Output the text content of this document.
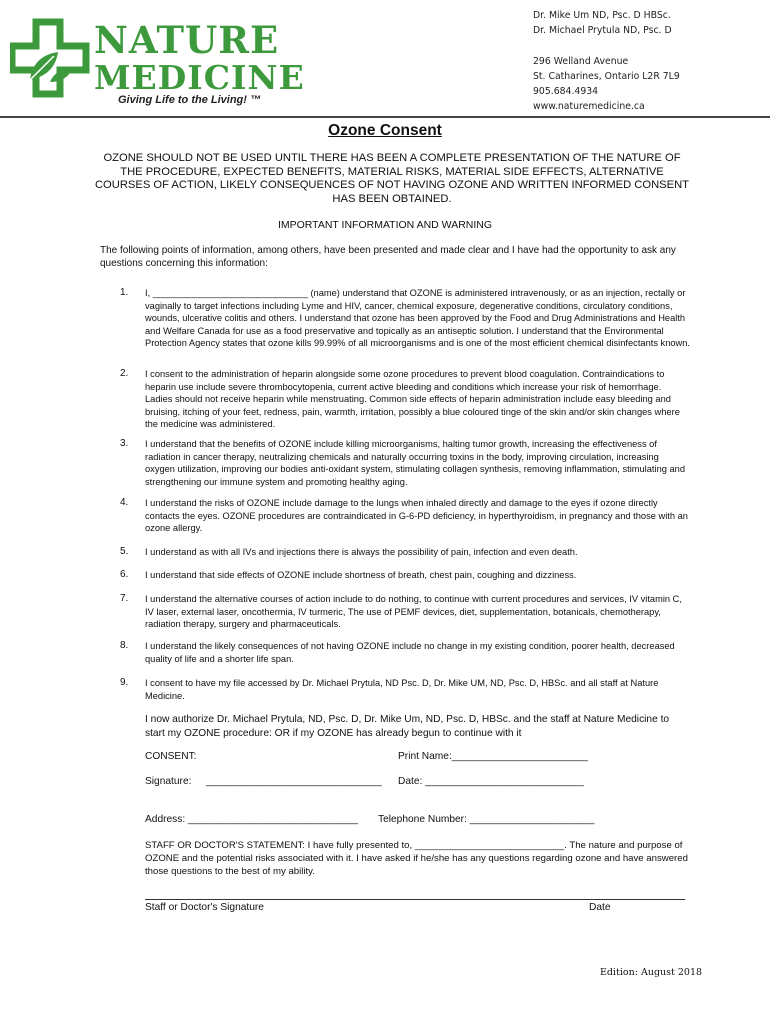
NATURE
MEDICINE
Giving Life to the Living! ™
Dr. Mike Um ND, Psc. D HBSc.
Dr. Michael Prytula ND, Psc. D
296 Welland Avenue
St. Catharines, Ontario L2R 7L9
905.684.4934
www.naturemedicine.ca
Ozone Consent
OZONE SHOULD NOT BE USED UNTIL THERE HAS BEEN A COMPLETE PRESENTATION OF THE NATURE OF THE PROCEDURE, EXPECTED BENEFITS, MATERIAL RISKS, MATERIAL SIDE EFFECTS, ALTERNATIVE COURSES OF ACTION, LIKELY CONSEQUENCES OF NOT HAVING OZONE AND WRITTEN INFORMED CONSENT HAS BEEN OBTAINED.
IMPORTANT INFORMATION AND WARNING
The following points of information, among others, have been presented and made clear and I have had the opportunity to ask any questions concerning this information:
1. I, ______________________________ (name) understand that OZONE is administered intravenously, or as an injection, rectally or vaginally to target infections including Lyme and HIV, cancer, chemical exposure, degenerative conditions, circulatory conditions, wounds, ulcerative colitis and others. I understand that ozone has been approved by the Food and Drug Administrations and Health and Welfare Canada for use as a food preservative and topically as an antiseptic solution. I understand that the Environmental Protection Agency states that ozone kills 99.99% of all microorganisms and is one of the most efficient chemical disinfectants known.
2. I consent to the administration of heparin alongside some ozone procedures to prevent blood coagulation. Contraindications to heparin use include severe thrombocytopenia, current active bleeding and conditions which increase your risk of hemorrhage. Ladies should not receive heparin while menstruating. Common side effects of heparin administration include easy bleeding and bruising, itching of your feet, redness, pain, warmth, irritation, possibly a blue coloured tinge of the skin and/or skin changes where the medicine was administered.
3. I understand that the benefits of OZONE include killing microorganisms, halting tumor growth, increasing the effectiveness of radiation in cancer therapy, neutralizing chemicals and naturally occurring toxins in the body, improving circulation, increasing oxygen utilization, improving our bodies anti-oxidant system, stimulating collagen synthesis, removing inflammation, stimulating and strengthening our immune system and promoting healthy aging.
4. I understand the risks of OZONE include damage to the lungs when inhaled directly and damage to the eyes if ozone directly contacts the eyes. OZONE procedures are contraindicated in G-6-PD deficiency, in hyperthyroidism, in pregnancy and those with an ozone allergy.
5. I understand as with all IVs and injections there is always the possibility of pain, infection and even death.
6. I understand that side effects of OZONE include shortness of breath, chest pain, coughing and dizziness.
7. I understand the alternative courses of action include to do nothing, to continue with current procedures and services, IV vitamin C, IV laser, external laser, oncothermia, IV turmeric, The use of PEMF devices, diet, supplementation, botanicals, chemotherapy, radiation therapy, surgery and pharmaceuticals.
8. I understand the likely consequences of not having OZONE include no change in my existing condition, poorer health, decreased quality of life and a shorter life span.
9. I consent to have my file accessed by Dr. Michael Prytula, ND Psc. D, Dr. Mike UM, ND, Psc. D, HBSc. and all staff at Nature Medicine.
I now authorize Dr. Michael Prytula, ND, Psc. D, Dr. Mike Um, ND, Psc. D, HBSc. and the staff at Nature Medicine to start my OZONE procedure: OR if my OZONE has already begun to continue with it
CONSENT:	Print Name:________________________
Signature: _______________________________ Date: ____________________________
Address: ______________________________ Telephone Number: ______________________
STAFF OR DOCTOR'S STATEMENT: I have fully presented to, ____________________________. The nature and purpose of OZONE and the potential risks associated with it. I have asked if he/she has any questions regarding ozone and have answered those questions to the best of my ability.
Staff or Doctor's Signature	Date
Edition: August 2018
